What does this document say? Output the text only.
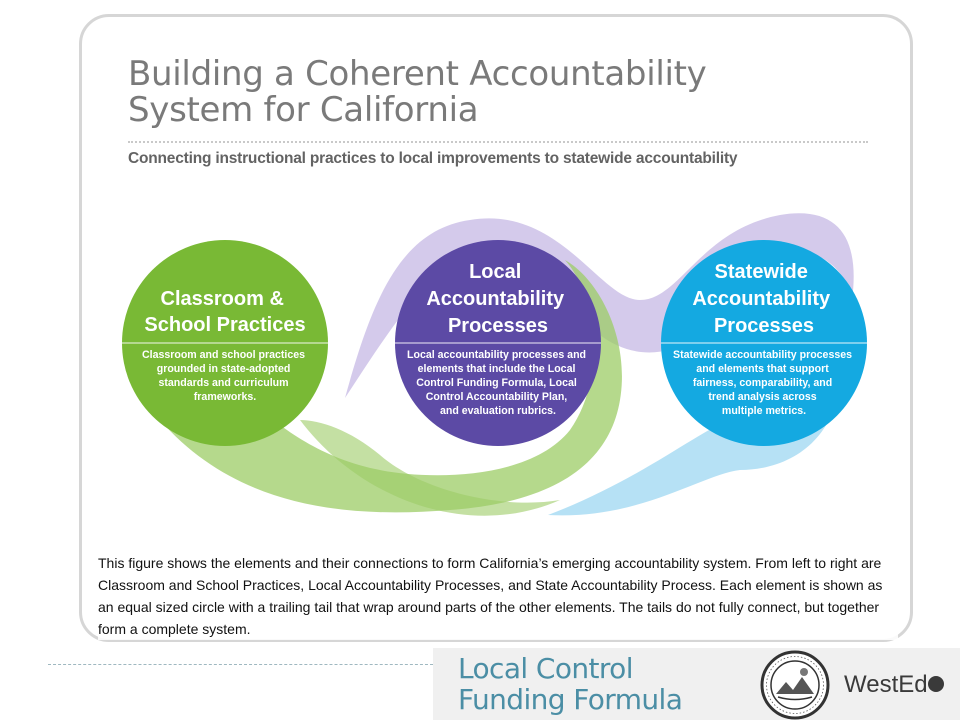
Building a Coherent Accountability
System for California

Connecting instructional practices to local improvements to statewide accountability

Classroom & School Practices
Classroom and school practices grounded in state-adopted standards and curriculum frameworks.
Local Accountability Processes
Local accountability processes and elements that include the Local Control Funding Formula, Local Control Accountability Plan, and evaluation rubrics.
Statewide Accountability Processes
Statewide accountability processes and elements that support fairness, comparability, and trend analysis across multiple metrics.

This figure shows the elements and their connections to form California’s emerging accountability system. From left to right are Classroom and School Practices, Local Accountability Processes, and State Accountability Process. Each element is shown as an equal sized circle with a trailing tail that wrap around parts of the other elements. The tails do not fully connect, but together form a complete system.

Local Control
Funding Formula	WestEd
